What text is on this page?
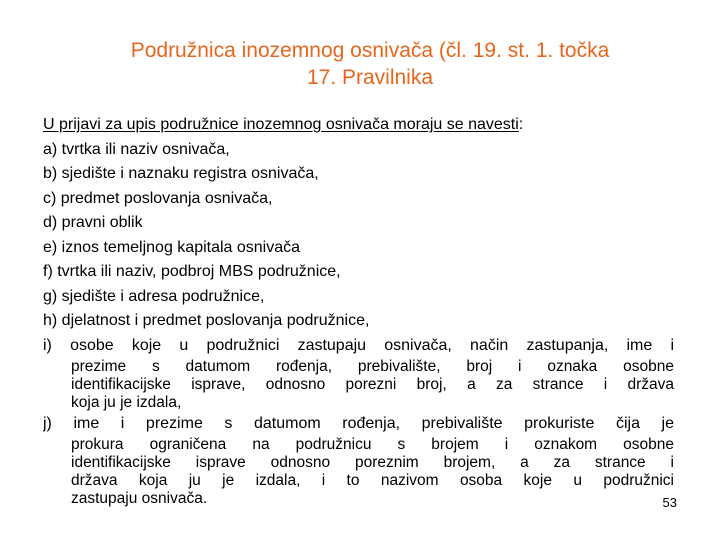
Podružnica inozemnog osnivača (čl. 19. st. 1. točka
17. Pravilnika
U prijavi za upis podružnice inozemnog osnivača moraju se navesti:
a) tvrtka ili naziv osnivača,
b) sjedište i naznaku registra osnivača,
c) predmet poslovanja osnivača,
d) pravni oblik
e) iznos temeljnog kapitala osnivača
f) tvrtka ili naziv, podbroj MBS podružnice,
g) sjedište i adresa podružnice,
h) djelatnost i predmet poslovanja podružnice,
i) osobe koje u podružnici zastupaju osnivača, način zastupanja, ime i
prezime s datumom rođenja, prebivalište, broj i oznaka osobne
identifikacijske isprave, odnosno porezni broj, a za strance i država
koja ju je izdala,
j) ime i prezime s datumom rođenja, prebivalište prokuriste čija je
prokura ograničena na podružnicu s brojem i oznakom osobne
identifikacijske isprave odnosno poreznim brojem, a za strance i
država koja ju je izdala, i to nazivom osoba koje u podružnici
zastupaju osnivača.	53
